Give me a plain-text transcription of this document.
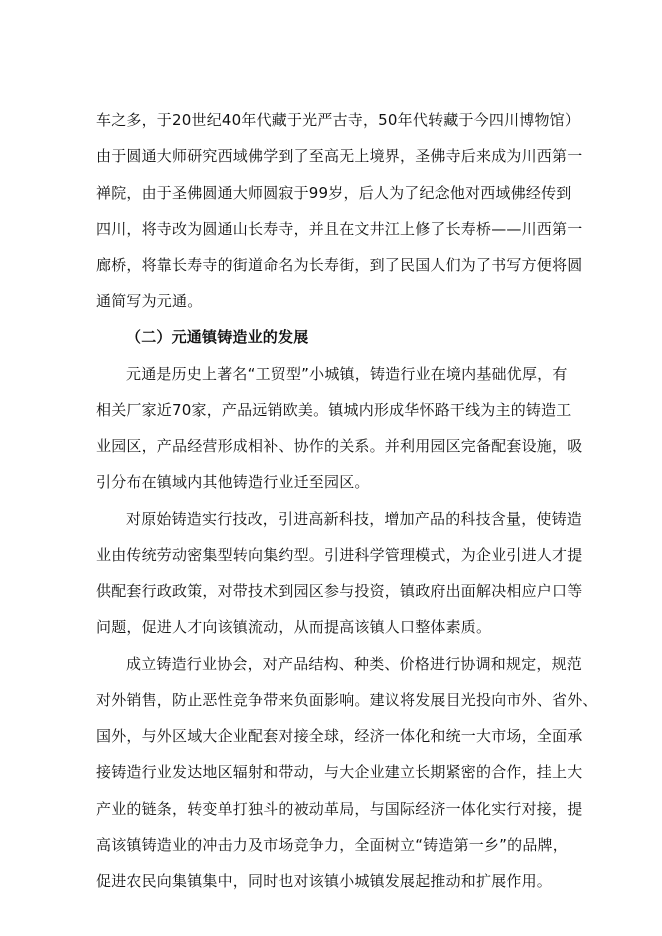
车之多，于20世纪40年代藏于光严古寺，50年代转藏于今四川博物馆）
由于圆通大师研究西域佛学到了至高无上境界，圣佛寺后来成为川西第一
禅院，由于圣佛圆通大师圆寂于99岁，后人为了纪念他对西域佛经传到
四川，将寺改为圆通山长寿寺，并且在文井江上修了长寿桥——川西第一
廊桥，将靠长寿寺的街道命名为长寿街，到了民国人们为了书写方便将圆
通简写为元通。
（二）元通镇铸造业的发展
元通是历史上著名“工贸型”小城镇，铸造行业在境内基础优厚，有
相关厂家近70家，产品远销欧美。镇城内形成华怀路干线为主的铸造工
业园区，产品经营形成相补、协作的关系。并利用园区完备配套设施，吸
引分布在镇域内其他铸造行业迁至园区。
对原始铸造实行技改，引进高新科技，增加产品的科技含量，使铸造
业由传统劳动密集型转向集约型。引进科学管理模式，为企业引进人才提
供配套行政政策，对带技术到园区参与投资，镇政府出面解决相应户口等
问题，促进人才向该镇流动，从而提高该镇人口整体素质。
成立铸造行业协会，对产品结构、种类、价格进行协调和规定，规范
对外销售，防止恶性竞争带来负面影响。建议将发展目光投向市外、省外、
国外，与外区域大企业配套对接全球，经济一体化和统一大市场，全面承
接铸造行业发达地区辐射和带动，与大企业建立长期紧密的合作，挂上大
产业的链条，转变单打独斗的被动革局，与国际经济一体化实行对接，提
高该镇铸造业的冲击力及市场竞争力，全面树立“铸造第一乡”的品牌，
促进农民向集镇集中，同时也对该镇小城镇发展起推动和扩展作用。
